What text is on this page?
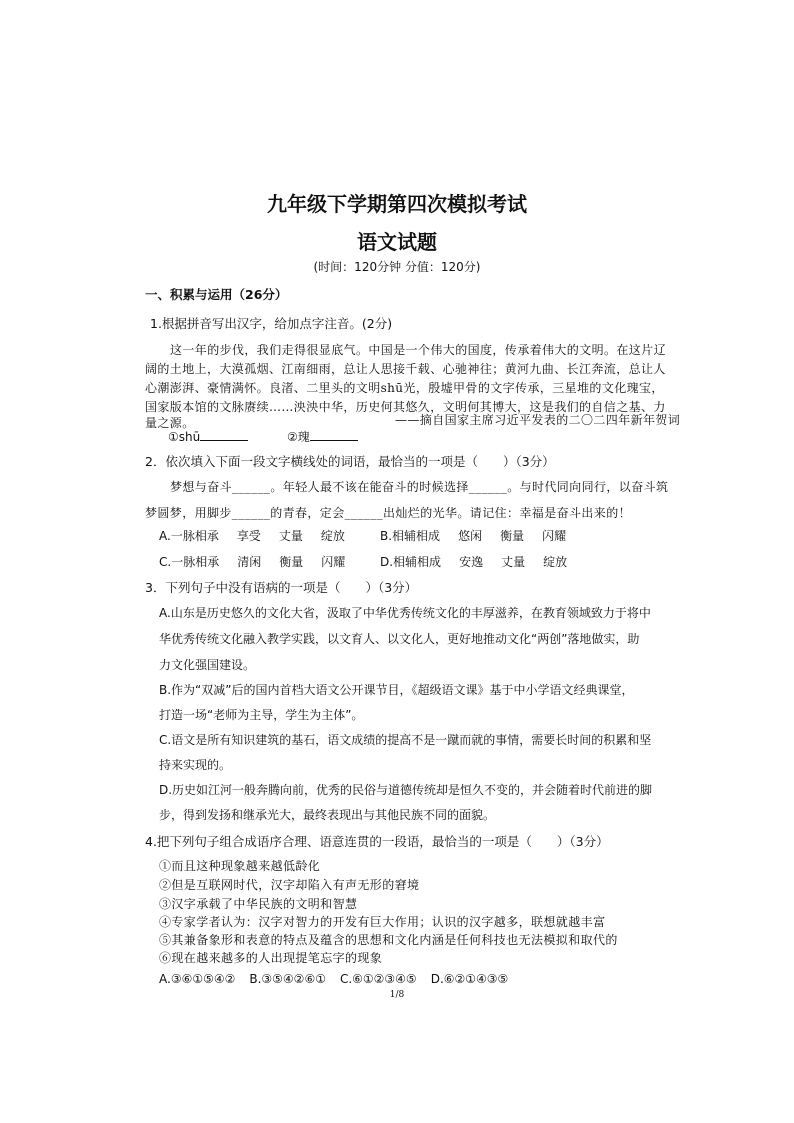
九年级下学期第四次模拟考试
语文试题
(时间：120分钟 分值：120分)
一、积累与运用（26分）
1.根据拼音写出汉字，给加点字注音。(2分)
这一年的步伐，我们走得很显底气。中国是一个伟大的国度，传承着伟大的文明。在这片辽
阔的土地上，大漠孤烟、江南细雨，总让人思接千载、心驰神往；黄河九曲、长江奔流，总让人
心潮澎湃、豪情满怀。良渚、二里头的文明shū光，殷墟甲骨的文字传承，三星堆的文化瑰宝，
国家版本馆的文脉赓续……泱泱中华，历史何其悠久，文明何其博大，这是我们的自信之基、力
量之源。	——摘自国家主席习近平发表的二〇二四年新年贺词
①shū	②瑰
2．依次填入下面一段文字横线处的词语，最恰当的一项是（　　）（3分）
梦想与奋斗______。年轻人最不该在能奋斗的时候选择______。与时代同向同行，以奋斗筑
梦圆梦，用脚步______的青春，定会______出灿烂的光华。请记住：幸福是奋斗出来的！
A.一脉相承 享受 丈量 绽放	B.相辅相成 悠闲 衡量 闪耀
C.一脉相承 清闲 衡量 闪耀	D.相辅相成 安逸 丈量 绽放
3．下列句子中没有语病的一项是（　　）（3分）
A.山东是历史悠久的文化大省，汲取了中华优秀传统文化的丰厚滋养，在教育领域致力于将中
华优秀传统文化融入教学实践，以文育人、以文化人，更好地推动文化“两创”落地做实，助
力文化强国建设。
B.作为“双减”后的国内首档大语文公开课节目，《超级语文课》基于中小学语文经典课堂，
打造一场“老师为主导，学生为主体”。
C.语文是所有知识建筑的基石，语文成绩的提高不是一蹴而就的事情，需要长时间的积累和坚
持来实现的。
D.历史如江河一般奔腾向前，优秀的民俗与道德传统却是恒久不变的，并会随着时代前进的脚
步，得到发扬和继承光大，最终表现出与其他民族不同的面貌。
4.把下列句子组合成语序合理、语意连贯的一段语，最恰当的一项是（　　）（3分）
①而且这种现象越来越低龄化
②但是互联网时代，汉字却陷入有声无形的窘境
③汉字承载了中华民族的文明和智慧
④专家学者认为：汉字对智力的开发有巨大作用；认识的汉字越多，联想就越丰富
⑤其兼备象形和表意的特点及蕴含的思想和文化内涵是任何科技也无法模拟和取代的
⑥现在越来越多的人出现提笔忘字的现象
A.③⑥①⑤④② B.③⑤④②⑥① C.⑥①②③④⑤ D.⑥②①④③⑤
1/8
